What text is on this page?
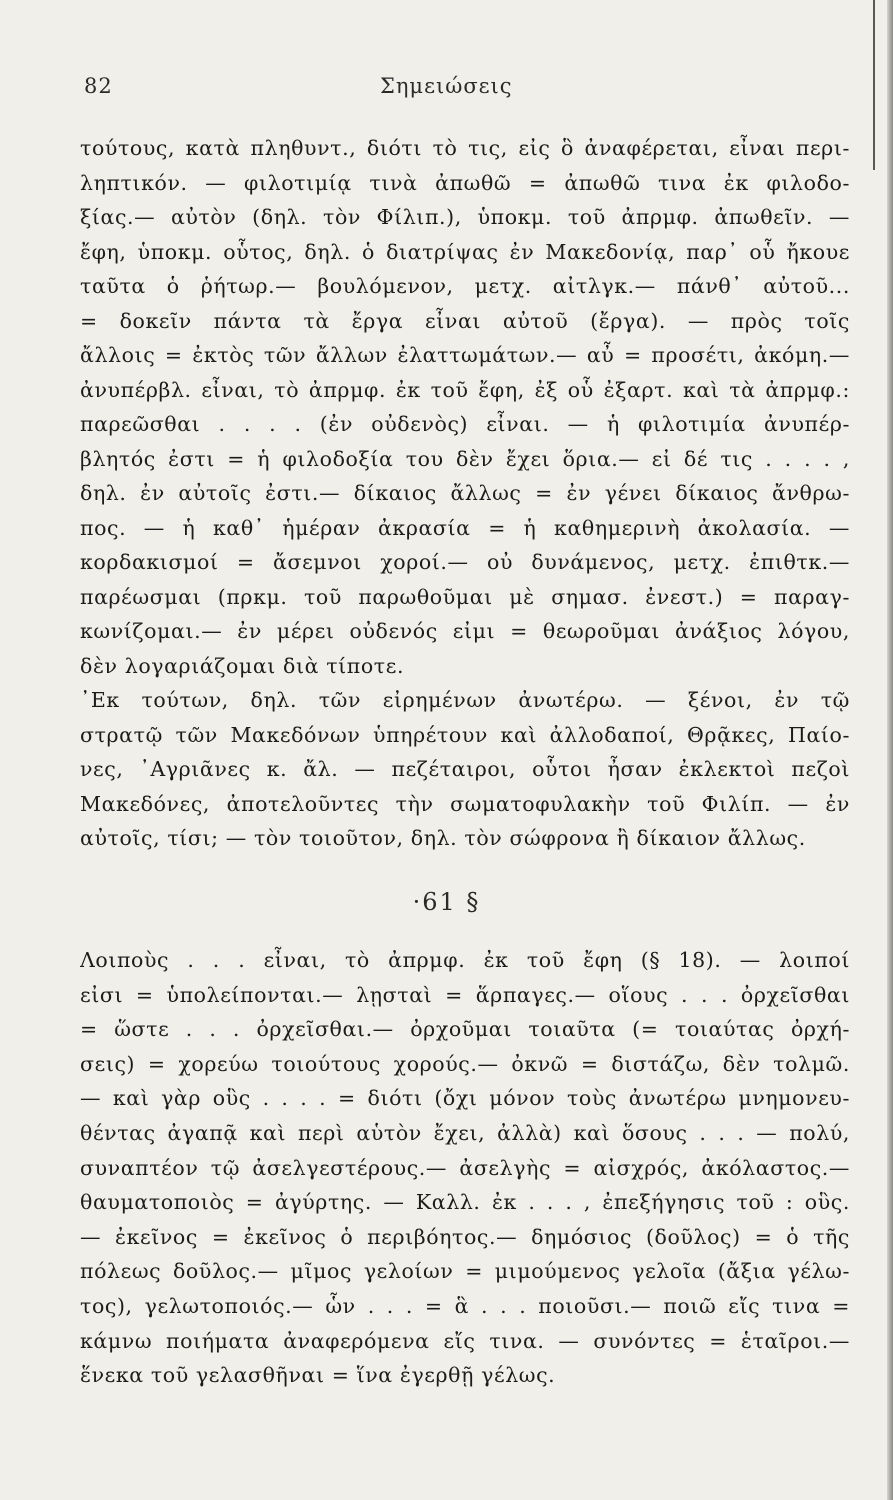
82	Σημειώσεις
τούτους, κατὰ πληθυντ., διότι τὸ τις, εἰς ὃ ἀναφέρεται, εἶναι περι-
ληπτικόν. — φιλοτιμίᾳ τινὰ ἀπωθῶ = ἀπωθῶ τινα ἐκ φιλοδο-
ξίας.— αὐτὸν (δηλ. τὸν Φίλιπ.), ὑποκμ. τοῦ ἀπρμφ. ἀπωθεῖν. —
ἔφη, ὑποκμ. οὗτος, δηλ. ὁ διατρίψας ἐν Μακεδονίᾳ, παρ᾽ οὗ ἤκουε
ταῦτα ὁ ῥήτωρ.— βουλόμενον, μετχ. αἰτλγκ.— πάνθ᾽ αὐτοῦ...
= δοκεῖν πάντα τὰ ἔργα εἶναι αὐτοῦ (ἔργα). — πρὸς τοῖς
ἄλλοις = ἐκτὸς τῶν ἄλλων ἐλαττωμάτων.— αὖ = προσέτι, ἀκόμη.—
ἀνυπέρβλ. εἶναι, τὸ ἀπρμφ. ἐκ τοῦ ἔφη, ἐξ οὗ ἐξαρτ. καὶ τὰ ἀπρμφ.:
παρεῶσθαι . . . . (ἐν οὐδενὸς) εἶναι. — ἡ φιλοτιμία ἀνυπέρ-
βλητός ἐστι = ἡ φιλοδοξία του δὲν ἔχει ὅρια.— εἰ δέ τις . . . . ,
δηλ. ἐν αὐτοῖς ἐστι.— δίκαιος ἄλλως = ἐν γένει δίκαιος ἄνθρω-
πος. — ἡ καθ᾽ ἡμέραν ἀκρασία = ἡ καθημερινὴ ἀκολασία. —
κορδακισμοί = ἄσεμνοι χοροί.— οὐ δυνάμενος, μετχ. ἐπιθτκ.—
παρέωσμαι (πρκμ. τοῦ παρωθοῦμαι μὲ σημασ. ἐνεστ.) = παραγ-
κωνίζομαι.— ἐν μέρει οὐδενός εἰμι = θεωροῦμαι ἀνάξιος λόγου,
δὲν λογαριάζομαι διὰ τίποτε.
᾿Εκ τούτων, δηλ. τῶν εἰρημένων ἀνωτέρω. — ξένοι, ἐν τῷ
στρατῷ τῶν Μακεδόνων ὑπηρέτουν καὶ ἀλλοδαποί, Θρᾷκες, Παίο-
νες, ᾿Αγριᾶνες κ. ἄλ. — πεζέταιροι, οὗτοι ἦσαν ἐκλεκτοὶ πεζοὶ
Μακεδόνες, ἀποτελοῦντες τὴν σωματοφυλακὴν τοῦ Φιλίπ. — ἐν
αὐτοῖς, τίσι; — τὸν τοιοῦτον, δηλ. τὸν σώφρονα ἢ δίκαιον ἄλλως.
·61 §
Λοιποὺς . . . εἶναι, τὸ ἀπρμφ. ἐκ τοῦ ἔφη (§ 18). — λοιποί
εἰσι = ὑπολείπονται.— λῃσταὶ = ἅρπαγες.— οἵους . . . ὀρχεῖσθαι
= ὥστε . . . ὀρχεῖσθαι.— ὀρχοῦμαι τοιαῦτα (= τοιαύτας ὀρχή-
σεις) = χορεύω τοιούτους χορούς.— ὀκνῶ = διστάζω, δὲν τολμῶ.
— καὶ γὰρ οὓς . . . . = διότι (ὄχι μόνον τοὺς ἀνωτέρω μνημονευ-
θέντας ἀγαπᾷ καὶ περὶ αὑτὸν ἔχει, ἀλλὰ) καὶ ὅσους . . . — πολύ,
συναπτέον τῷ ἀσελγεστέρους.— ἀσελγὴς = αἰσχρός, ἀκόλαστος.—
θαυματοποιὸς = ἀγύρτης. — Καλλ. ἐκ . . . , ἐπεξήγησις τοῦ : οὓς.
— ἐκεῖνος = ἐκεῖνος ὁ περιβόητος.— δημόσιος (δοῦλος) = ὁ τῆς
πόλεως δοῦλος.— μῖμος γελοίων = μιμούμενος γελοῖα (ἄξια γέλω-
τος), γελωτοποιός.— ὧν . . . = ἃ . . . ποιοῦσι.— ποιῶ εἴς τινα =
κάμνω ποιήματα ἀναφερόμενα εἴς τινα. — συνόντες = ἑταῖροι.—
ἕνεκα τοῦ γελασθῆναι = ἵνα ἐγερθῇ γέλως.
